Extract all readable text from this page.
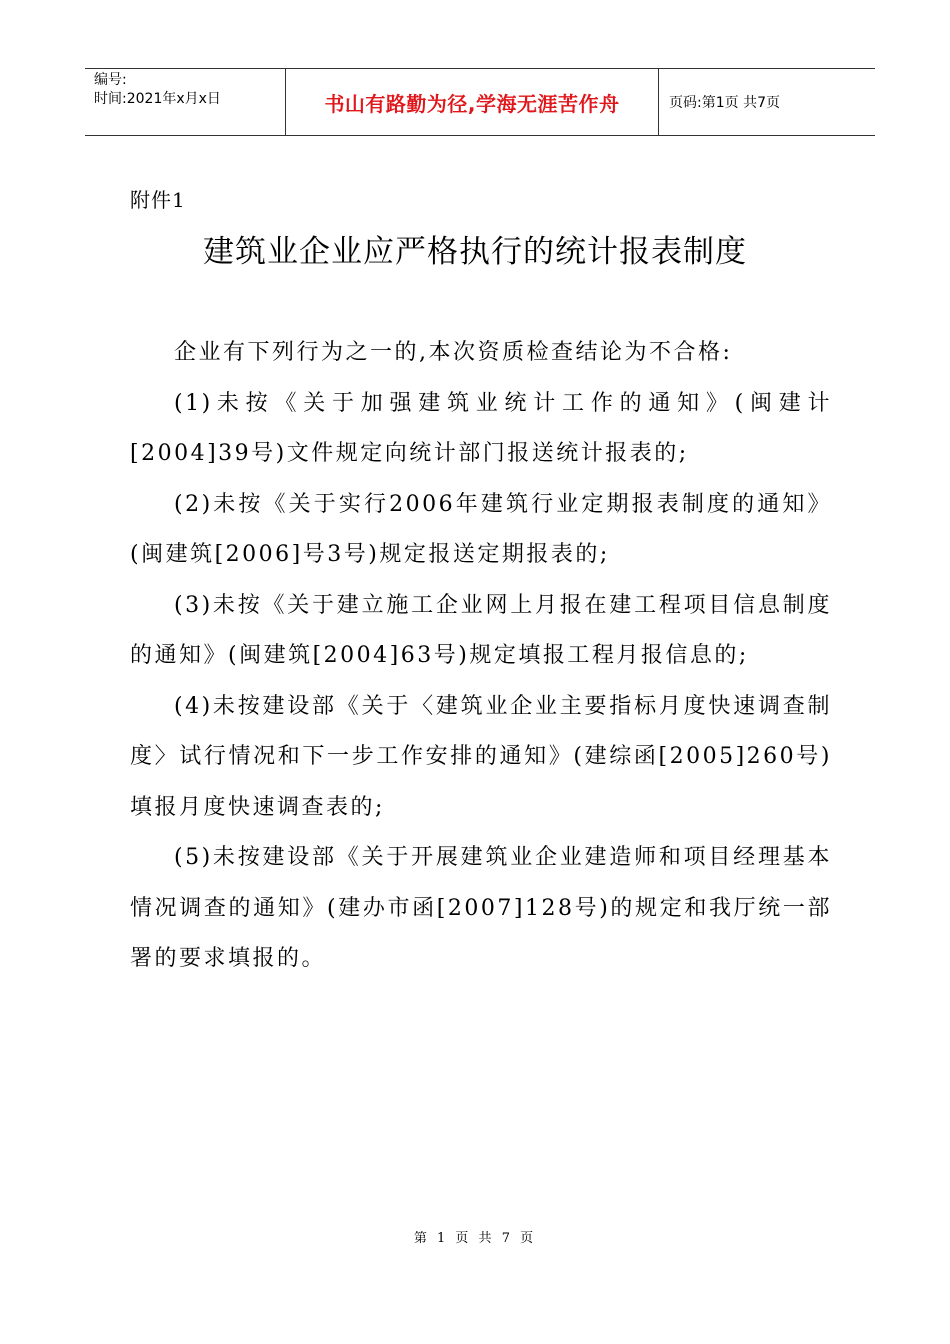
编号:
时间:2021年x月x日	书山有路勤为径,学海无涯苦作舟	页码:第1页 共7页
附件1
建筑业企业应严格执行的统计报表制度

企业有下列行为之一的,本次资质检查结论为不合格:

(1)未按《关于加强建筑业统计工作的通知》(闽建计[2004]39号)文件规定向统计部门报送统计报表的;

(2)未按《关于实行2006年建筑行业定期报表制度的通知》(闽建筑[2006]号3号)规定报送定期报表的;

(3)未按《关于建立施工企业网上月报在建工程项目信息制度的通知》(闽建筑[2004]63号)规定填报工程月报信息的;

(4)未按建设部《关于〈建筑业企业主要指标月度快速调查制度〉试行情况和下一步工作安排的通知》(建综函[2005]260号)填报月度快速调查表的;

(5)未按建设部《关于开展建筑业企业建造师和项目经理基本情况调查的通知》(建办市函[2007]128号)的规定和我厅统一部署的要求填报的。

第 1 页 共 7 页
